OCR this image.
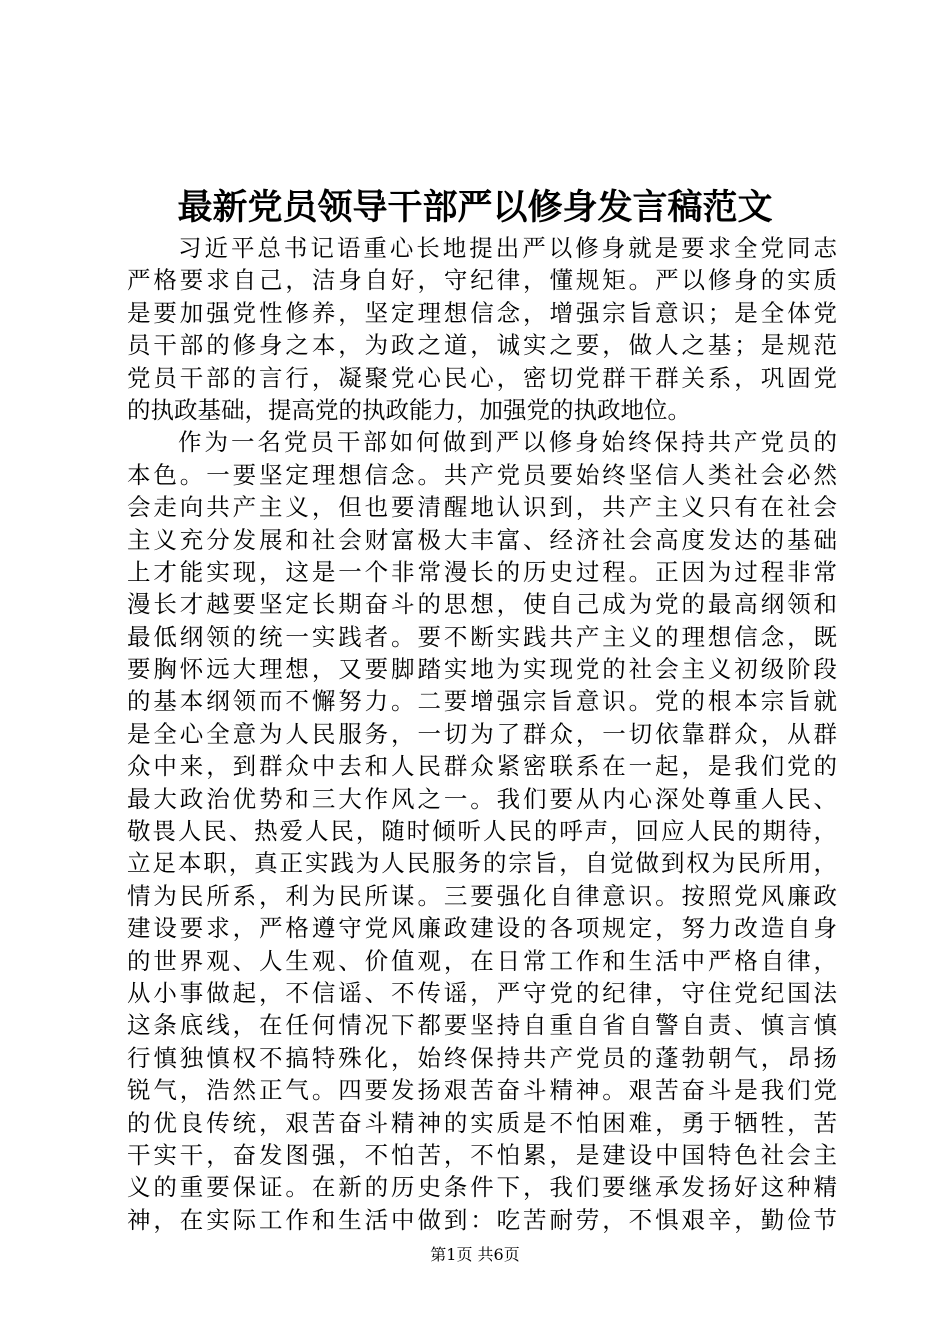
最新党员领导干部严以修身发言稿范文
习近平总书记语重心长地提出严以修身就是要求全党同志
严格要求自己，洁身自好，守纪律，懂规矩。严以修身的实质
是要加强党性修养，坚定理想信念，增强宗旨意识；是全体党
员干部的修身之本，为政之道，诚实之要，做人之基；是规范
党员干部的言行，凝聚党心民心，密切党群干群关系，巩固党
的执政基础，提高党的执政能力，加强党的执政地位。
作为一名党员干部如何做到严以修身始终保持共产党员的
本色。一要坚定理想信念。共产党员要始终坚信人类社会必然
会走向共产主义，但也要清醒地认识到，共产主义只有在社会
主义充分发展和社会财富极大丰富、经济社会高度发达的基础
上才能实现，这是一个非常漫长的历史过程。正因为过程非常
漫长才越要坚定长期奋斗的思想，使自己成为党的最高纲领和
最低纲领的统一实践者。要不断实践共产主义的理想信念，既
要胸怀远大理想，又要脚踏实地为实现党的社会主义初级阶段
的基本纲领而不懈努力。二要增强宗旨意识。党的根本宗旨就
是全心全意为人民服务，一切为了群众，一切依靠群众，从群
众中来，到群众中去和人民群众紧密联系在一起，是我们党的
最大政治优势和三大作风之一。我们要从内心深处尊重人民、
敬畏人民、热爱人民，随时倾听人民的呼声，回应人民的期待，
立足本职，真正实践为人民服务的宗旨，自觉做到权为民所用，
情为民所系，利为民所谋。三要强化自律意识。按照党风廉政
建设要求，严格遵守党风廉政建设的各项规定，努力改造自身
的世界观、人生观、价值观，在日常工作和生活中严格自律，
从小事做起，不信谣、不传谣，严守党的纪律，守住党纪国法
这条底线，在任何情况下都要坚持自重自省自警自责、慎言慎
行慎独慎权不搞特殊化，始终保持共产党员的蓬勃朝气，昂扬
锐气，浩然正气。四要发扬艰苦奋斗精神。艰苦奋斗是我们党
的优良传统，艰苦奋斗精神的实质是不怕困难，勇于牺牲，苦
干实干，奋发图强，不怕苦，不怕累，是建设中国特色社会主
义的重要保证。在新的历史条件下，我们要继承发扬好这种精
神，在实际工作和生活中做到：吃苦耐劳，不惧艰辛，勤俭节
第1页 共6页
